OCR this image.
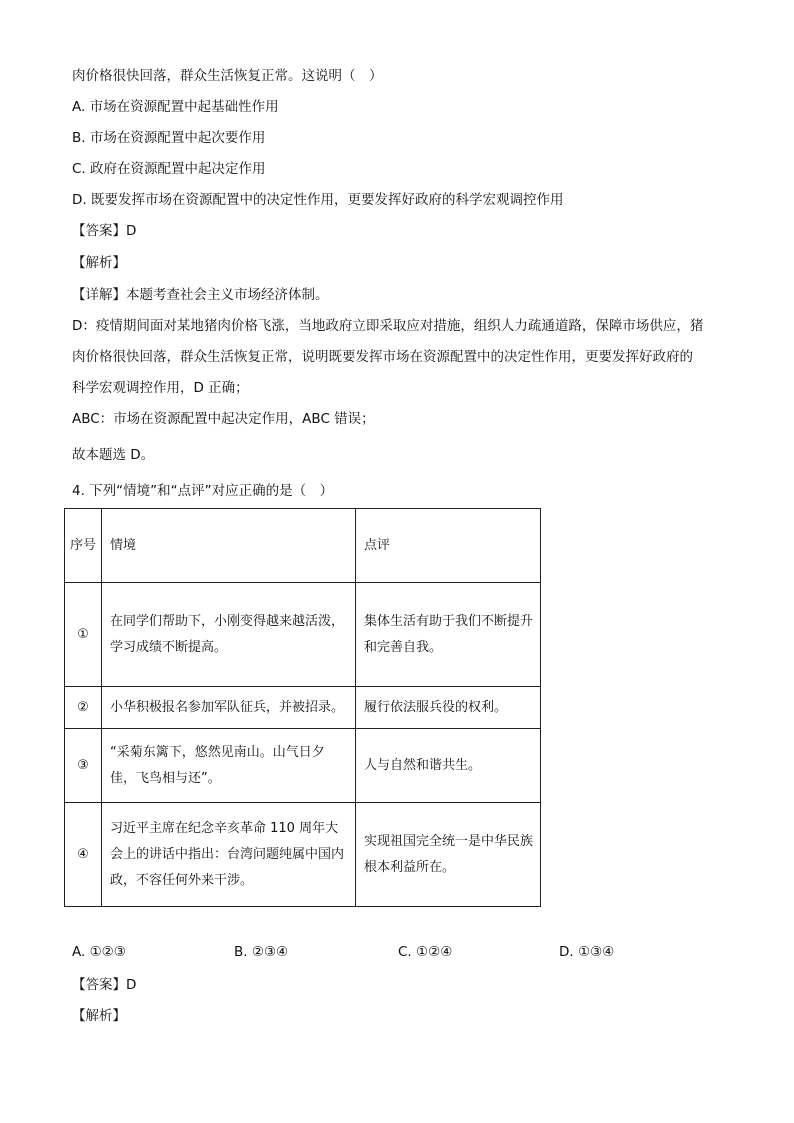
肉价格很快回落，群众生活恢复正常。这说明（　）
A. 市场在资源配置中起基础性作用
B. 市场在资源配置中起次要作用
C. 政府在资源配置中起决定作用
D. 既要发挥市场在资源配置中的决定性作用，更要发挥好政府的科学宏观调控作用
【答案】D
【解析】
【详解】本题考查社会主义市场经济体制。
D：疫情期间面对某地猪肉价格飞涨，当地政府立即采取应对措施，组织人力疏通道路，保障市场供应，猪
肉价格很快回落，群众生活恢复正常，说明既要发挥市场在资源配置中的决定性作用，更要发挥好政府的
科学宏观调控作用，D 正确；
ABC：市场在资源配置中起决定作用，ABC 错误；
故本题选 D。
4. 下列“情境”和“点评”对应正确的是（　）
序号	情境	点评
①	在同学们帮助下，小刚变得越来越活泼，学习成绩不断提高。	集体生活有助于我们不断提升和完善自我。
②	小华积极报名参加军队征兵，并被招录。	履行依法服兵役的权利。
③	“采菊东篱下，悠然见南山。山气日夕佳，飞鸟相与还”。	人与自然和谐共生。
④	习近平主席在纪念辛亥革命 110 周年大会上的讲话中指出：台湾问题纯属中国内政，不容任何外来干涉。	实现祖国完全统一是中华民族根本利益所在。
A. ①②③	B. ②③④	C. ①②④	D. ①③④
【答案】D
【解析】
